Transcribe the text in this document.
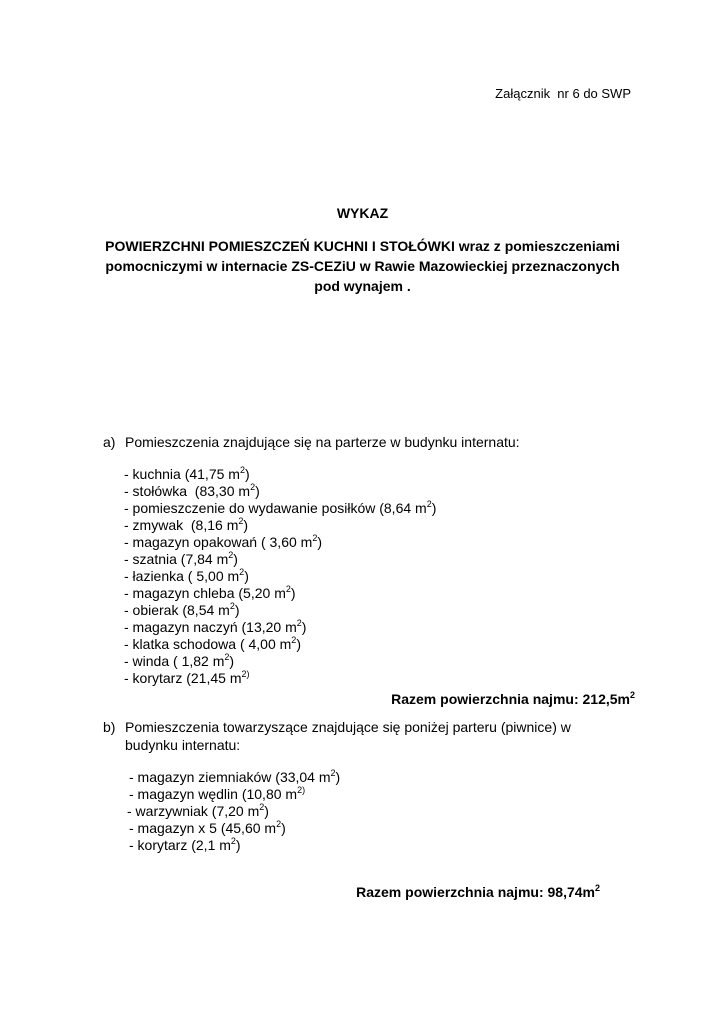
Załącznik  nr 6 do SWP
WYKAZ
POWIERZCHNI POMIESZCZEŃ KUCHNI I STOŁÓWKI wraz z pomieszczeniami
pomocniczymi w internacie ZS-CEZiU w Rawie Mazowieckiej przeznaczonych
pod wynajem .
a) Pomieszczenia znajdujące się na parterze w budynku internatu:
- kuchnia (41,75 $m^2$)
- stołówka  (83,30 $m^2$)
- pomieszczenie do wydawanie posiłków (8,64 $m^2$)
- zmywak  (8,16 $m^2$)
- magazyn opakowań ( 3,60 $m^2$)
- szatnia (7,84 $m^2$)
- łazienka ( 5,00 $m^2$)
- magazyn chleba (5,20 $m^2$)
- obierak (8,54 $m^2$)
- magazyn naczyń (13,20 $m^2$)
- klatka schodowa ( 4,00 $m^2$)
- winda ( 1,82 $m^2$)
- korytarz (21,45 $m^{2)}$
Razem powierzchnia najmu: $212,5m^2$
b) Pomieszczenia towarzyszące znajdujące się poniżej parteru (piwnice) w
budynku internatu:
- magazyn ziemniaków (33,04 $m^2$)
- magazyn wędlin (10,80 $m^{2)}$
- warzywniak (7,20 $m^2$)
- magazyn x 5 (45,60 $m^2$)
- korytarz (2,1 $m^2$)
Razem powierzchnia najmu: $98,74m^2$
